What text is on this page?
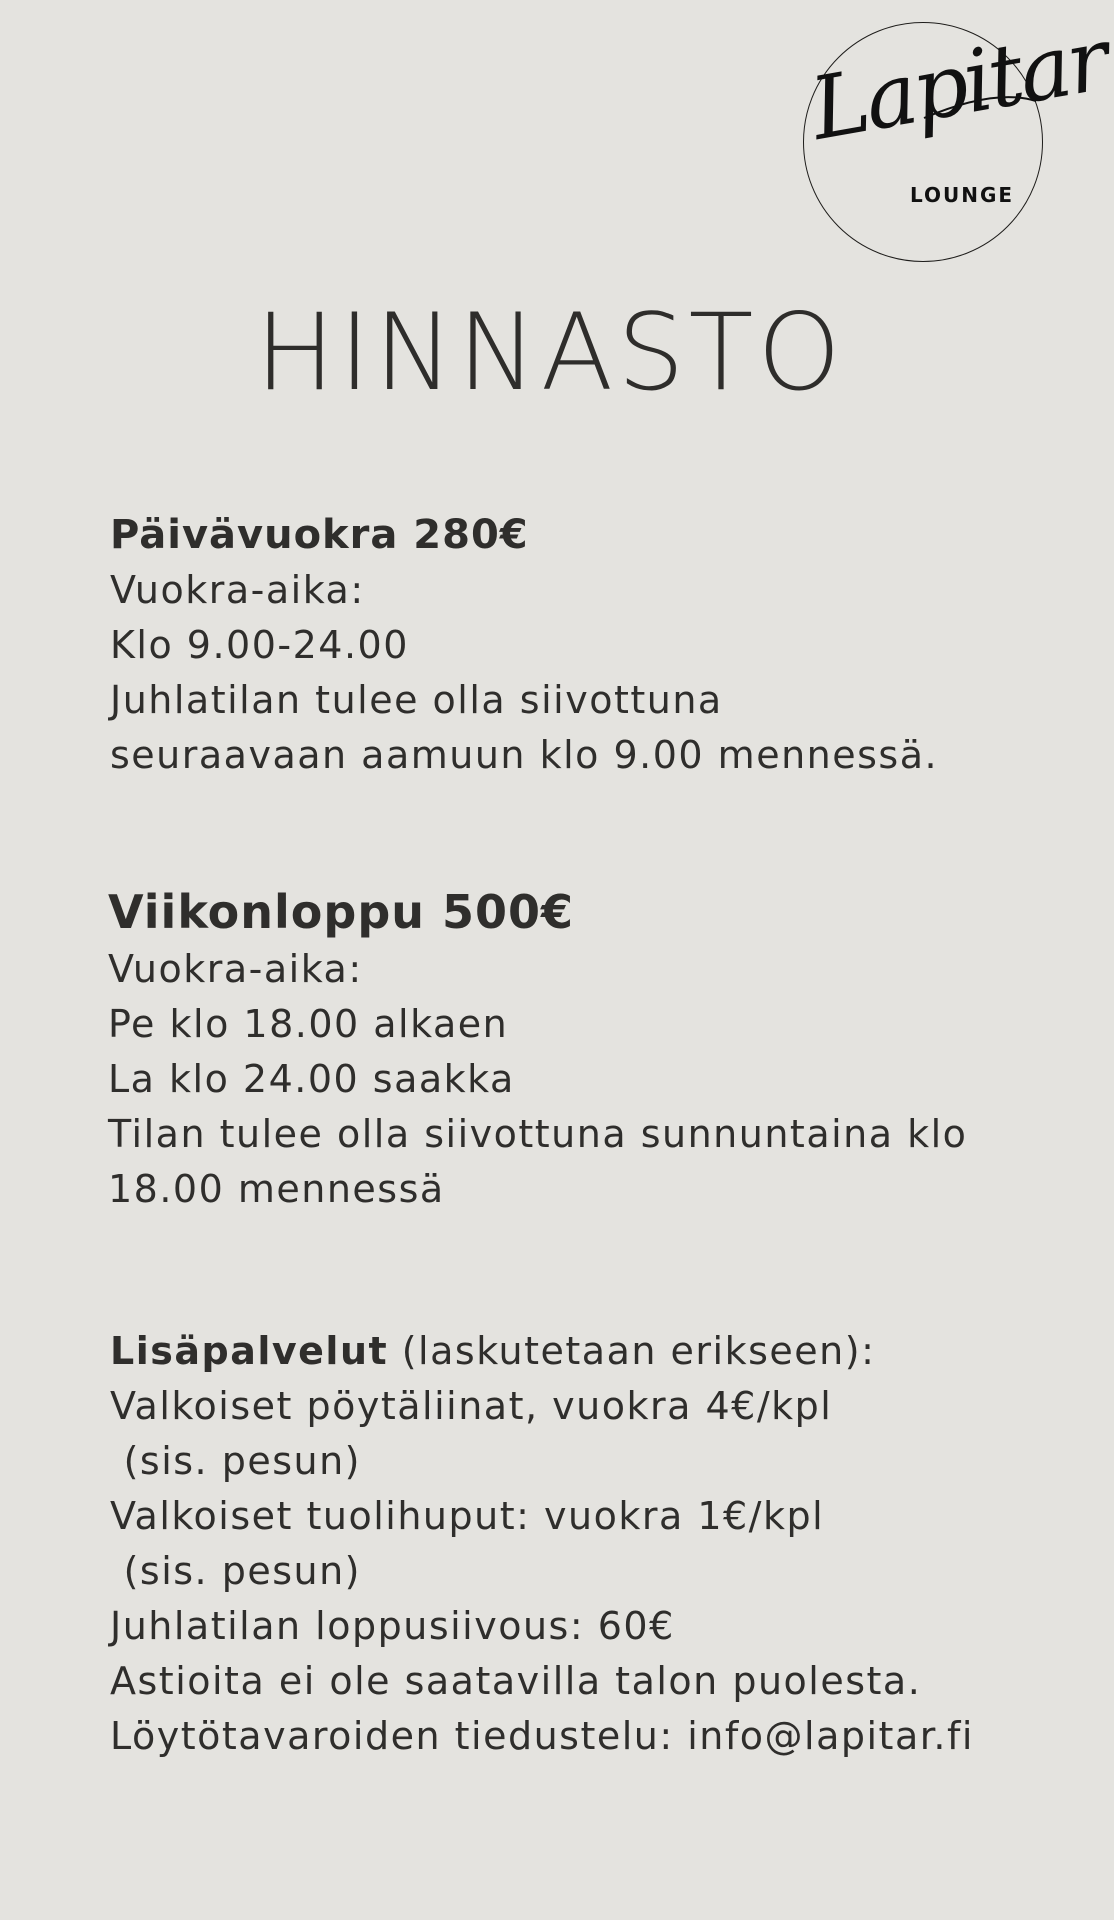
Lapitar
LOUNGE
HINNASTO
Päivävuokra 280€
Vuokra-aika:
Klo 9.00-24.00
Juhlatilan tulee olla siivottuna
seuraavaan aamuun klo 9.00 mennessä.
Viikonloppu 500€
Vuokra-aika:
Pe klo 18.00 alkaen
La klo 24.00 saakka
Tilan tulee olla siivottuna sunnuntaina klo
18.00 mennessä
Lisäpalvelut (laskutetaan erikseen):
Valkoiset pöytäliinat, vuokra 4€/kpl
(sis. pesun)
Valkoiset tuolihuput: vuokra 1€/kpl
(sis. pesun)
Juhlatilan loppusiivous: 60€
Astioita ei ole saatavilla talon puolesta.
Löytötavaroiden tiedustelu: info@lapitar.fi
